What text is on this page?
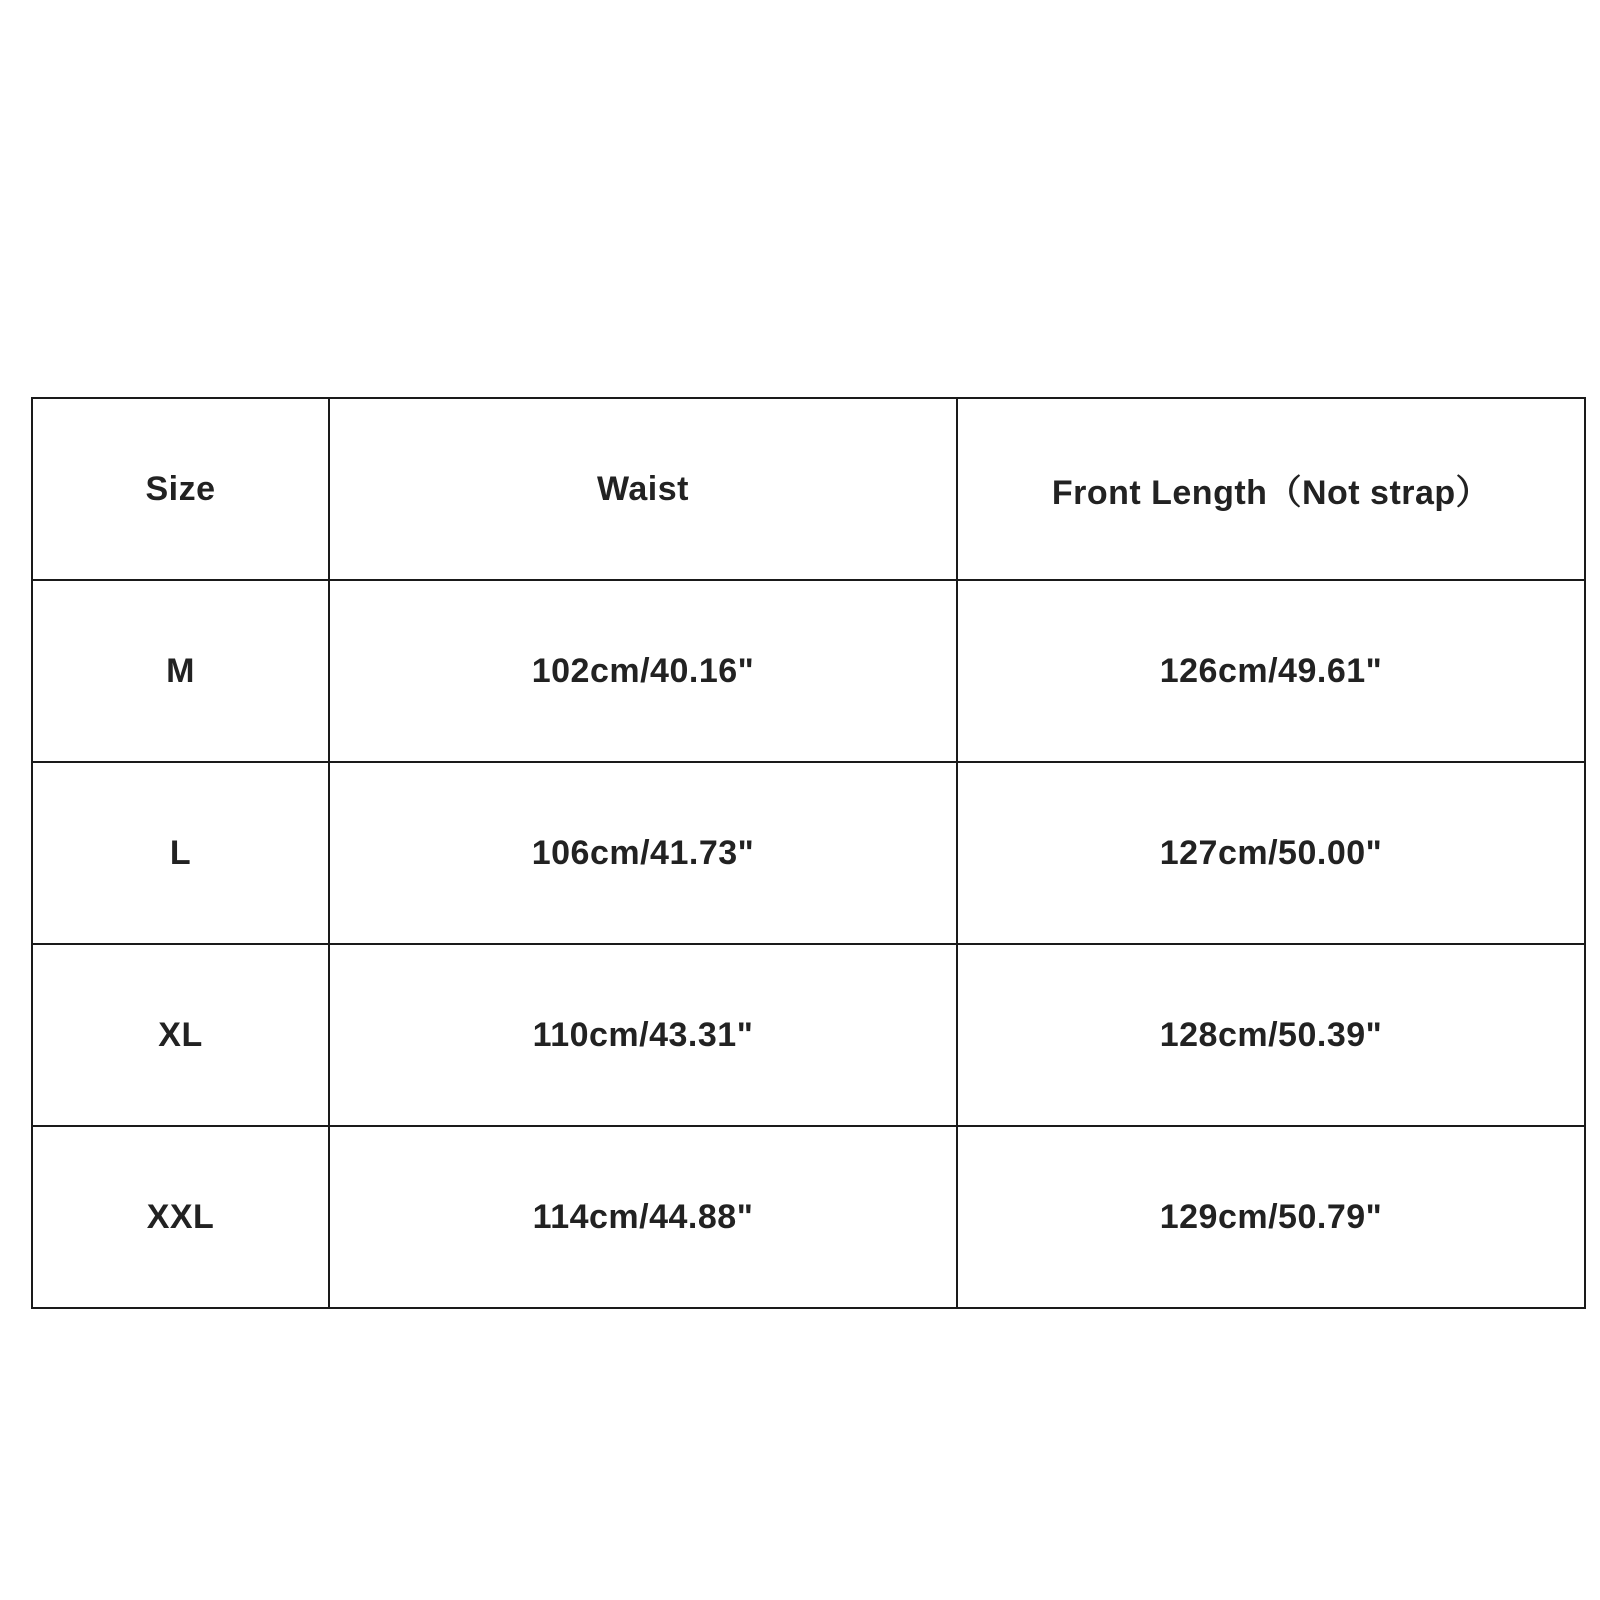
Size	Waist	Front Length（Not strap）
M	102cm/40.16"	126cm/49.61"
L	106cm/41.73"	127cm/50.00"
XL	110cm/43.31"	128cm/50.39"
XXL	114cm/44.88"	129cm/50.79"
